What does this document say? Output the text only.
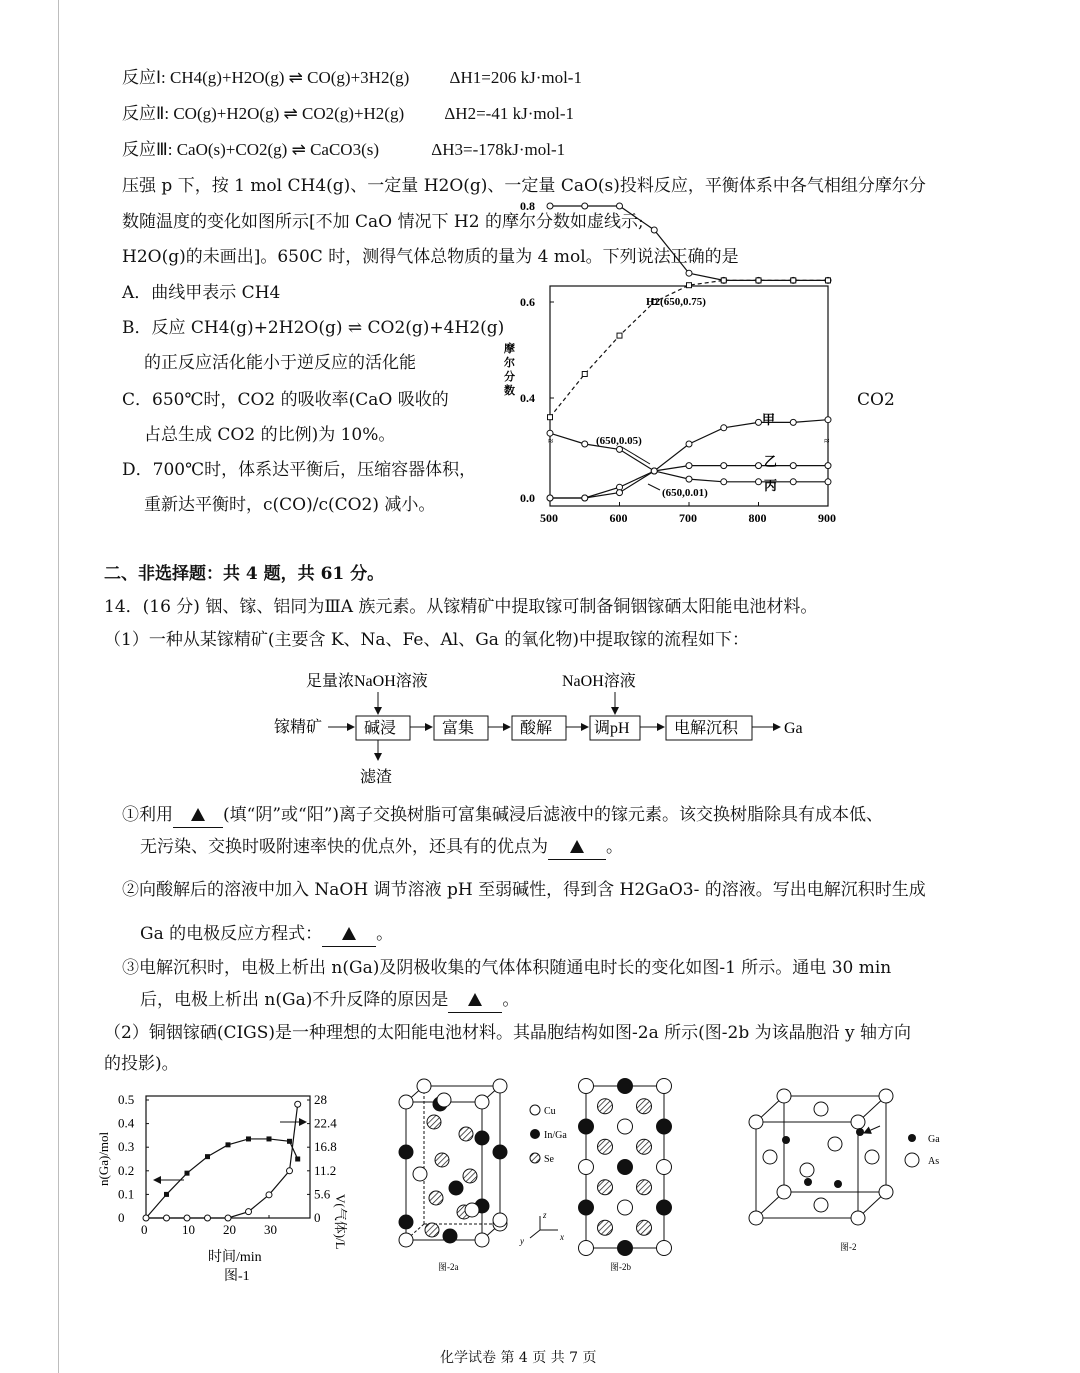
反应Ⅰ: CH4(g)+H2O(g) ⇌ CO(g)+3H2(g) ΔH1=206 kJ·mol-1
反应Ⅱ: CO(g)+H2O(g) ⇌ CO2(g)+H2(g) ΔH2=-41 kJ·mol-1
反应Ⅲ: CaO(s)+CO2(g) ⇌ CaCO3(s)	ΔH3=-178kJ·mol-1
压强 p 下，按 1 mol CH4(g)、一定量 H2O(g)、一定量 CaO(s)投料反应，平衡体系中各气相组分摩尔分
数随温度的变化如图所示[不加 CaO 情况下 H2 的摩尔分数如虚线示;
H2O(g)的未画出]。650C 时，测得气体总物质的量为 4 mol。下列说法正确的是
A．曲线甲表示 CH4
B．反应 CH4(g)+2H2O(g) ⇌ CO2(g)+4H2(g)
的正反应活化能小于逆反应的活化能
C．650℃时，CO2 的吸收率(CaO 吸收的
占总生成 CO2 的比例)为 10%。
D．700℃时，体系达平衡后，压缩容器体积，
重新达平衡时，c(CO)/c(CO2) 减小。
500	600	700	800	900
0.0
0.4
0.6
0.8
摩
尔
分
数
H2(650,0.75)
(650,0.05)
(650,0.01)
甲
乙
丙
≈	≈
CO2
二、非选择题：共 4 题，共 61 分。
14．(16 分) 铟、镓、铝同为ⅢA 族元素。从镓精矿中提取镓可制备铜铟镓硒太阳能电池材料。
（1）一种从某镓精矿(主要含 K、Na、Fe、Al、Ga 的氧化物)中提取镓的流程如下：
足量浓NaOH溶液	NaOH溶液
镓精矿	碱浸	富集	酸解	调pH	电解沉积	Ga
滤渣
①利用	(填“阴”或“阳”)离子交换树脂可富集碱浸后滤液中的镓元素。该交换树脂除具有成本低、
无污染、交换时吸附速率快的优点外，还具有的优点为	。
②向酸解后的溶液中加入 NaOH 调节溶液 pH 至弱碱性，得到含 H2GaO3- 的溶液。写出电解沉积时生成
Ga 的电极反应方程式：	。
③电解沉积时，电极上析出 n(Ga)及阴极收集的气体体积随通电时长的变化如图-1 所示。通电 30 min
后，电极上析出 n(Ga)不升反降的原因是	。
（2）铜铟镓硒(CIGS)是一种理想的太阳能电池材料。其晶胞结构如图-2a 所示(图-2b 为该晶胞沿 y 轴方向
的投影)。
0	10 20 30
0
0.1
0.2
0.3
0.4
0.5
0
5.6
11.2
16.8
22.4
28
n(Ga)/mol
V(气体)/L
时间/min
图-1
Cu
In/Ga
Se
z
x
y
图-2a	图-2b
Ga
As
图-2
化学试卷 第 4 页 共 7 页
